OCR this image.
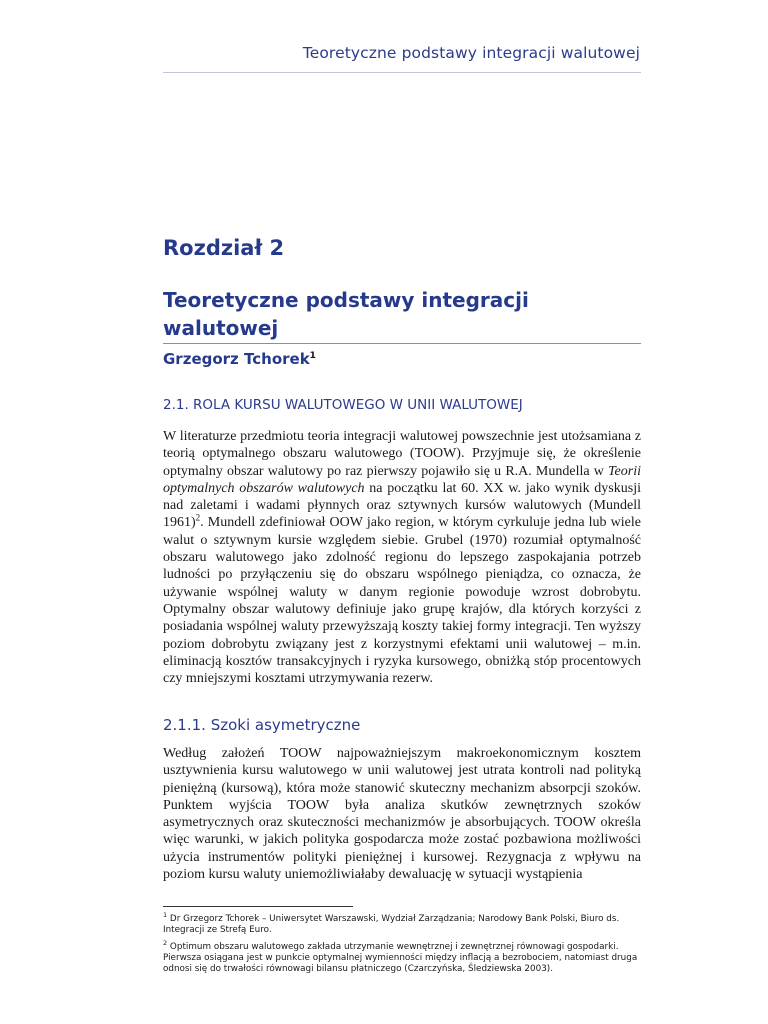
Teoretyczne podstawy integracji walutowej
Rozdział 2
Teoretyczne podstawy integracji walutowej
Grzegorz Tchorek$^1$
2.1. ROLA KURSU WALUTOWEGO W UNII WALUTOWEJ
W literaturze przedmiotu teoria integracji walutowej powszechnie jest utożsamiana z teorią optymalnego obszaru walutowego (TOOW). Przyjmuje się, że określenie optymalny obszar walutowy po raz pierwszy pojawiło się u R.A. Mundella w Teorii optymalnych obszarów walutowych na początku lat 60. XX w. jako wynik dyskusji nad zaletami i wadami płynnych oraz sztywnych kursów walutowych (Mundell 1961)$^2$. Mundell zdefiniował OOW jako region, w którym cyrkuluje jedna lub wiele walut o sztywnym kursie względem siebie. Grubel (1970) rozumiał optymalność obszaru walutowego jako zdolność regionu do lepszego zaspokajania potrzeb ludności po przyłączeniu się do obszaru wspólnego pieniądza, co oznacza, że używanie wspólnej waluty w danym regionie powoduje wzrost dobrobytu. Optymalny obszar walutowy definiuje jako grupę krajów, dla których korzyści z posiadania wspólnej waluty przewyższają koszty takiej formy integracji. Ten wyższy poziom dobrobytu związany jest z korzystnymi efektami unii walutowej – m.in. eliminacją kosztów transakcyjnych i ryzyka kursowego, obniżką stóp procentowych czy mniejszymi kosztami utrzymywania rezerw.
2.1.1. Szoki asymetryczne
Według założeń TOOW najpoważniejszym makroekonomicznym kosztem usztywnienia kursu walutowego w unii walutowej jest utrata kontroli nad polityką pieniężną (kursową), która może stanowić skuteczny mechanizm absorpcji szoków. Punktem wyjścia TOOW była analiza skutków zewnętrznych szoków asymetrycznych oraz skuteczności mechanizmów je absorbujących. TOOW określa więc warunki, w jakich polityka gospodarcza może zostać pozbawiona możliwości użycia instrumentów polityki pieniężnej i kursowej. Rezygnacja z wpływu na poziom kursu waluty uniemożliwiałaby dewaluację w sytuacji wystąpienia
$^1$ Dr Grzegorz Tchorek – Uniwersytet Warszawski, Wydział Zarządzania; Narodowy Bank Polski, Biuro ds. Integracji ze Strefą Euro.
$^2$ Optimum obszaru walutowego zakłada utrzymanie wewnętrznej i zewnętrznej równowagi gospodarki. Pierwsza osiągana jest w punkcie optymalnej wymienności między inflacją a bezrobociem, natomiast druga odnosi się do trwałości równowagi bilansu płatniczego (Czarczyńska, Śledziewska 2003).
